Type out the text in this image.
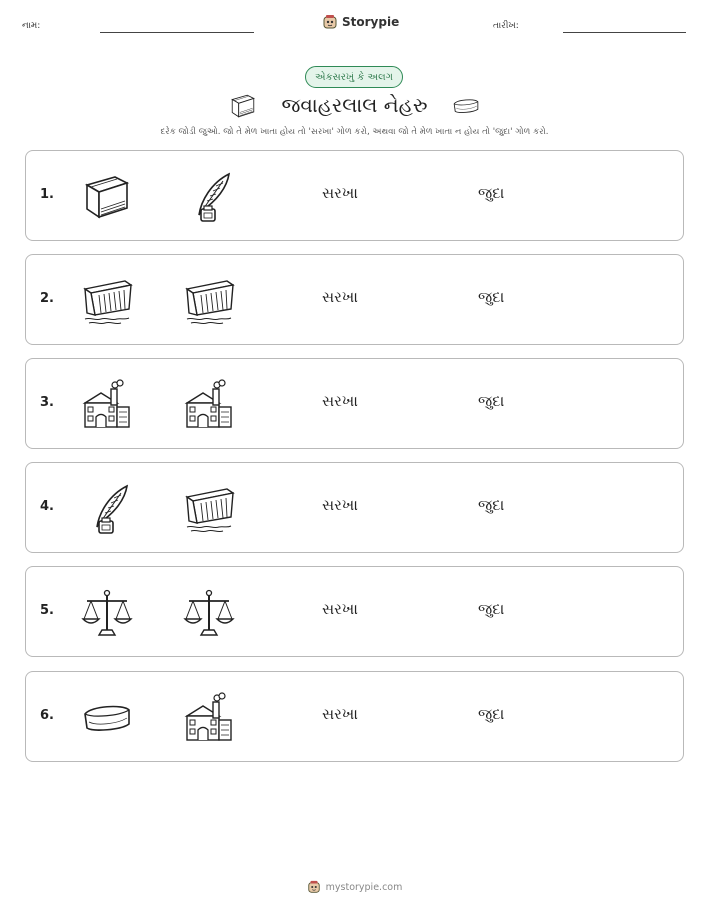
નામ:	Storypie	તારીખ:
એકસરખું કે અલગ
જવાહરલાલ નેહરુ
દરેક જોડી જુઓ. જો તે મેળ ખાતા હોય તો 'સરખા' ગોળ કરો, અથવા જો તે મેળ ખાતા ન હોય તો 'જુદા' ગોળ કરો.
1.	સરખા	જુદા
2.	સરખા	જુદા
3.	સરખા	જુદા
4.	સરખા	જુદા
5.	સરખા	જુદા
6.	સરખા	જુદા
mystorypie.com
